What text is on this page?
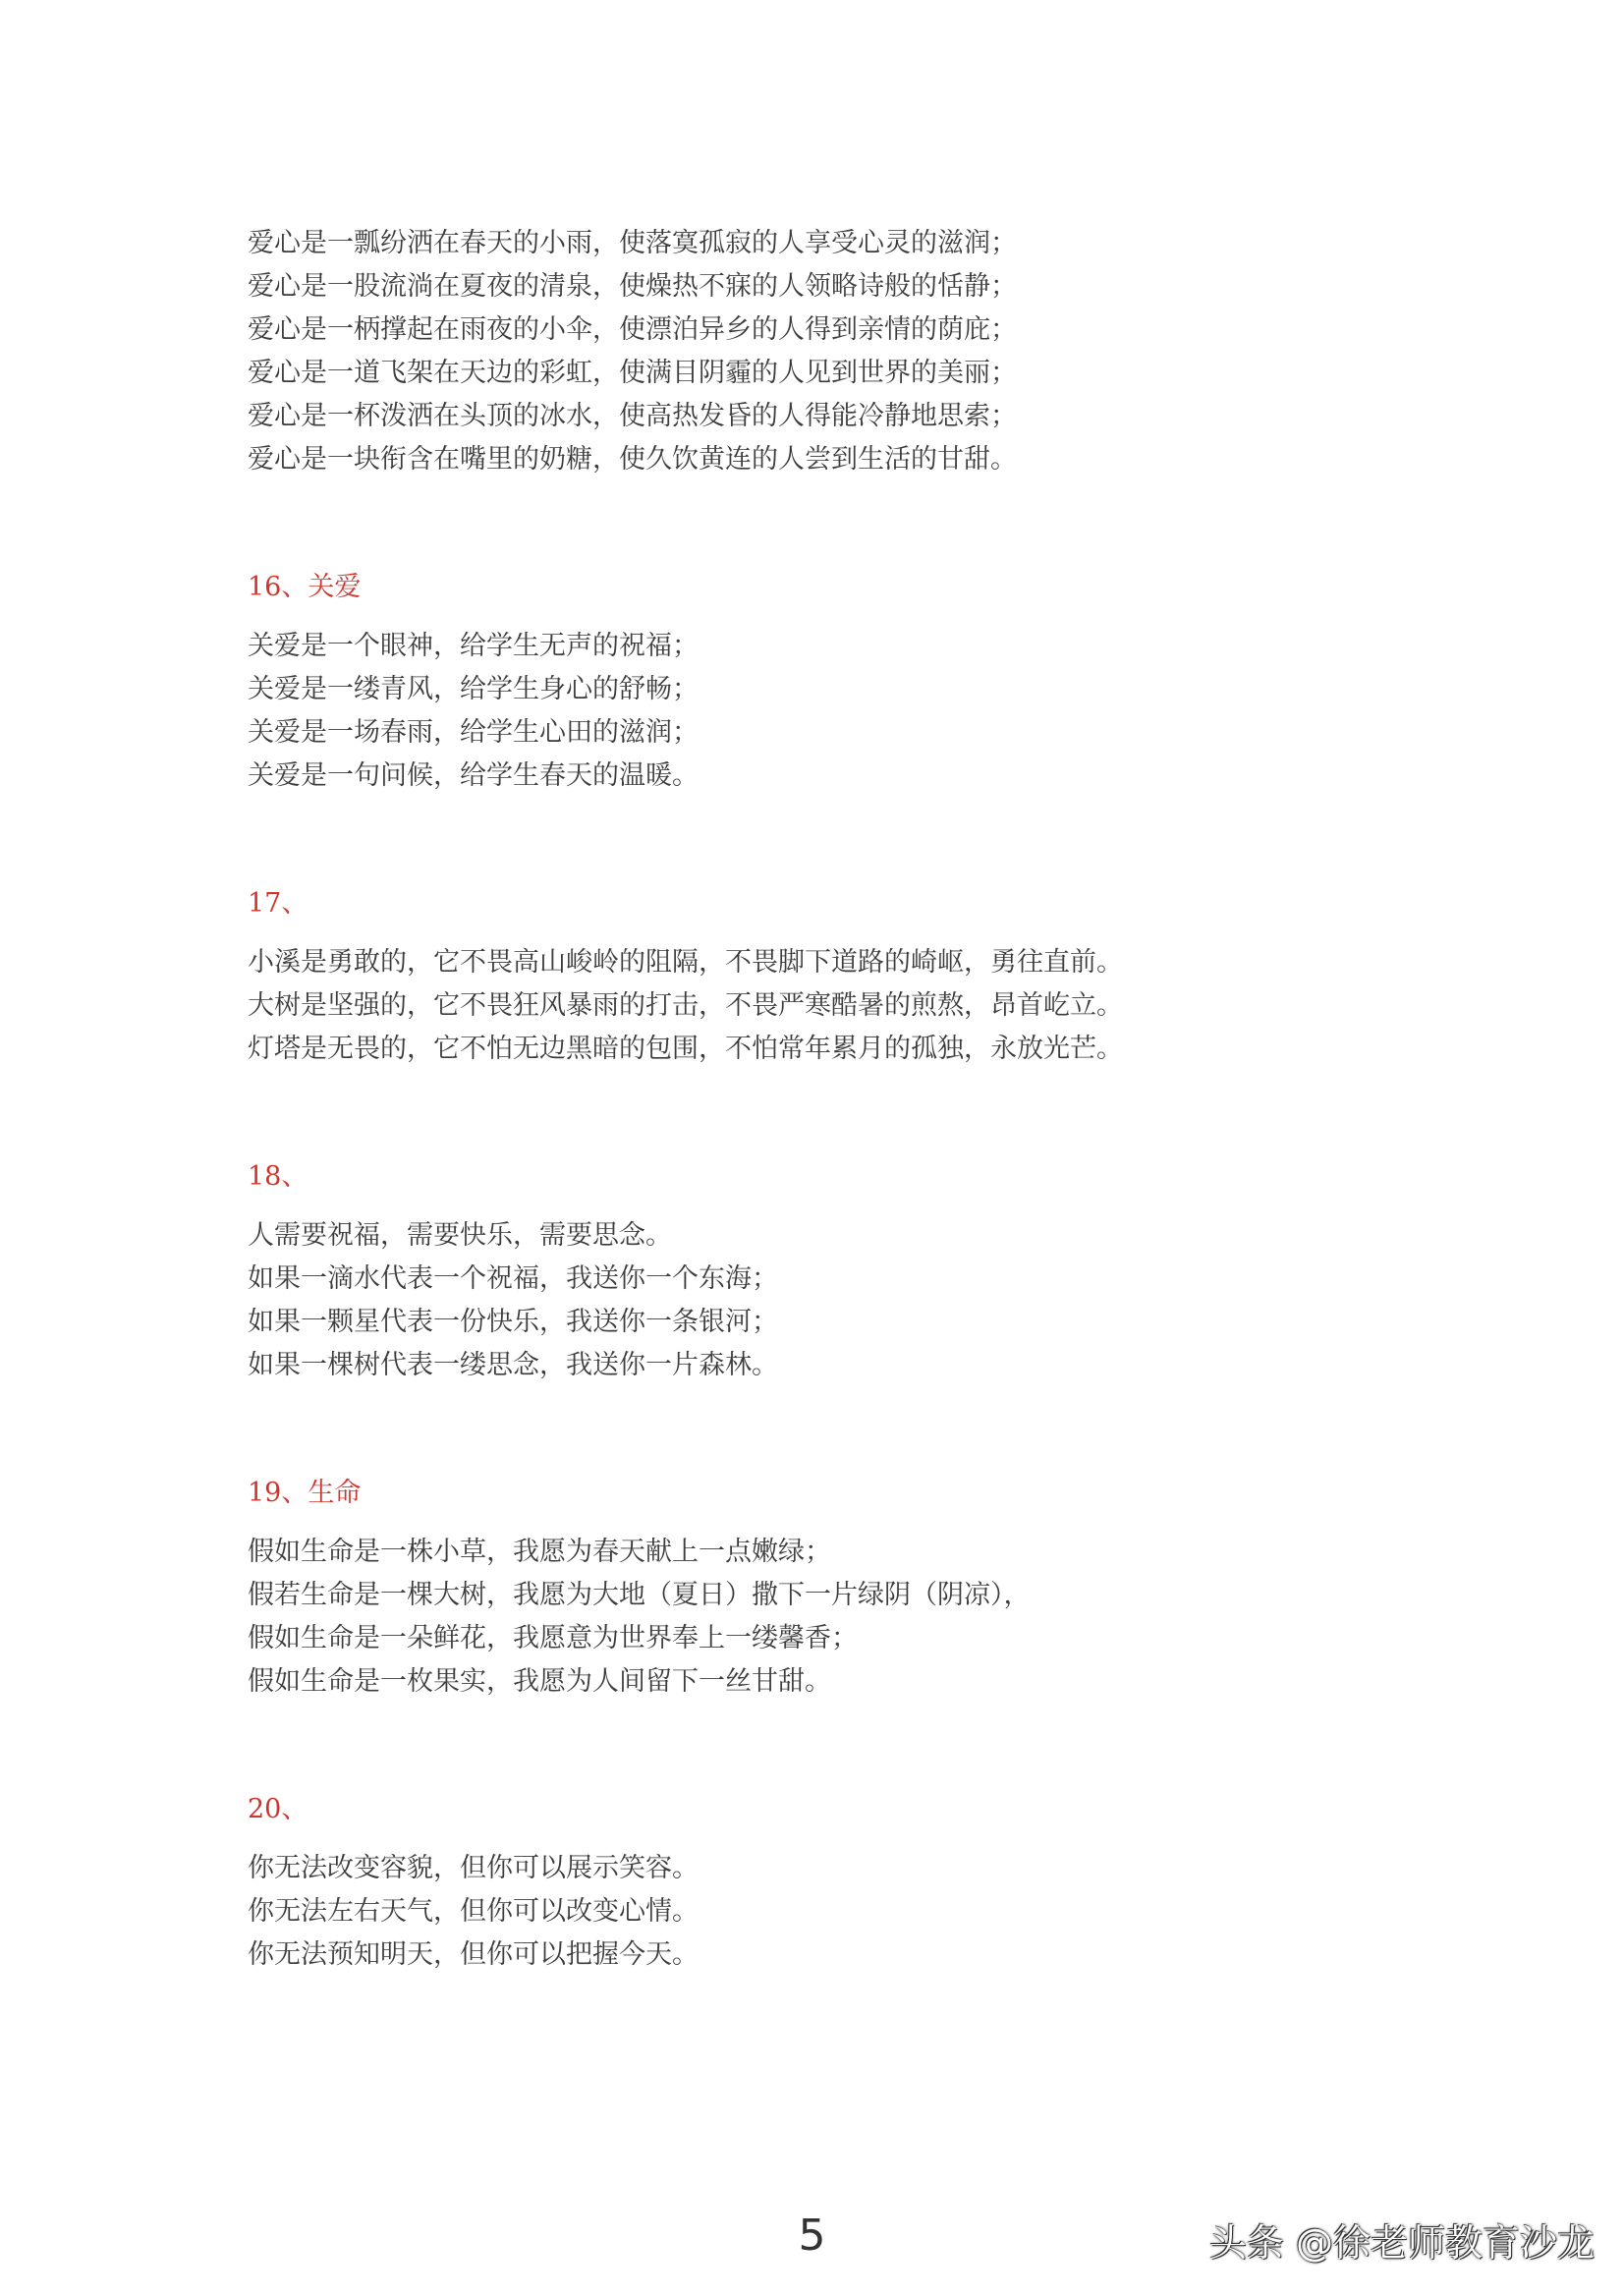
爱心是一瓢纷洒在春天的小雨，使落寞孤寂的人享受心灵的滋润；
爱心是一股流淌在夏夜的清泉，使燥热不寐的人领略诗般的恬静；
爱心是一柄撑起在雨夜的小伞，使漂泊异乡的人得到亲情的荫庇；
爱心是一道飞架在天边的彩虹，使满目阴霾的人见到世界的美丽；
爱心是一杯泼洒在头顶的冰水，使高热发昏的人得能冷静地思索；
爱心是一块衔含在嘴里的奶糖，使久饮黄连的人尝到生活的甘甜。
16、关爱
关爱是一个眼神，给学生无声的祝福；
关爱是一缕青风，给学生身心的舒畅；
关爱是一场春雨，给学生心田的滋润；
关爱是一句问候，给学生春天的温暖。
17、
小溪是勇敢的，它不畏高山峻岭的阻隔，不畏脚下道路的崎岖，勇往直前。
大树是坚强的，它不畏狂风暴雨的打击，不畏严寒酷暑的煎熬，昂首屹立。
灯塔是无畏的，它不怕无边黑暗的包围，不怕常年累月的孤独，永放光芒。
18、
人需要祝福，需要快乐，需要思念。
如果一滴水代表一个祝福，我送你一个东海；
如果一颗星代表一份快乐，我送你一条银河；
如果一棵树代表一缕思念，我送你一片森林。
19、生命
假如生命是一株小草，我愿为春天献上一点嫩绿；
假若生命是一棵大树，我愿为大地（夏日）撒下一片绿阴（阴凉），
假如生命是一朵鲜花，我愿意为世界奉上一缕馨香；
假如生命是一枚果实，我愿为人间留下一丝甘甜。
20、
你无法改变容貌，但你可以展示笑容。
你无法左右天气，但你可以改变心情。
你无法预知明天，但你可以把握今天。
5	头条 @徐老师教育沙龙
